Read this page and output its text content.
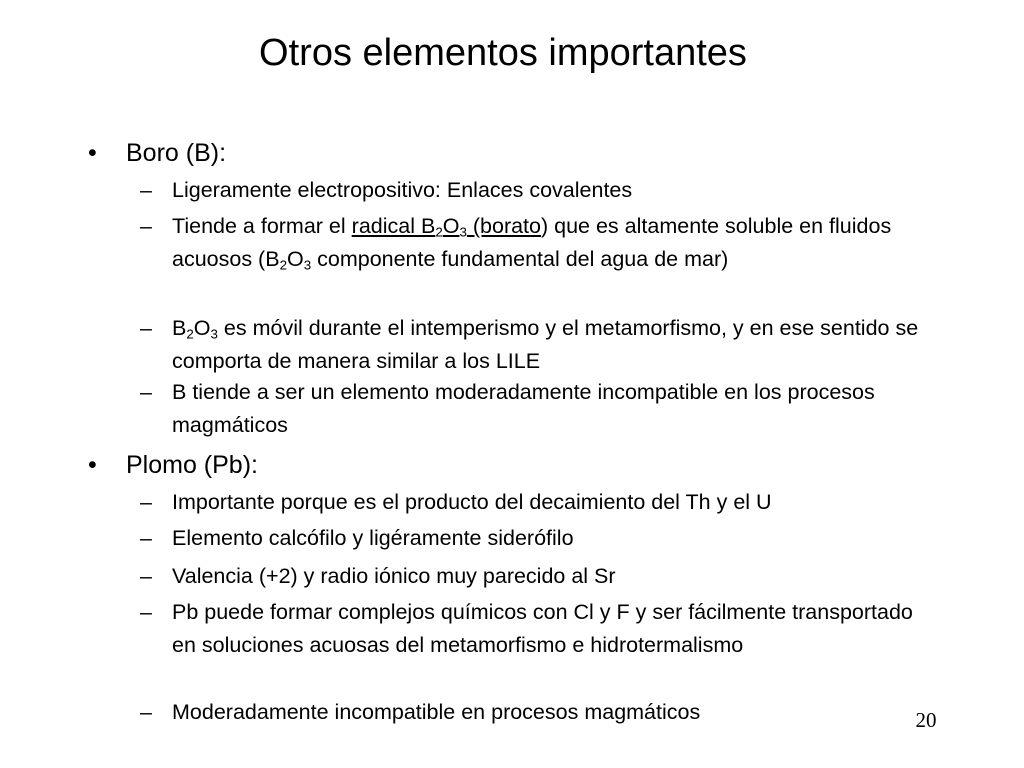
Otros elementos importantes
• Boro (B):
– Ligeramente electropositivo: Enlaces covalentes
– Tiende a formar el radical $B_2O_3$ (borato) que es altamente soluble en fluidos acuosos ($B_2O_3$ componente fundamental del agua de mar)
– $B_2O_3$ es móvil durante el intemperismo y el metamorfismo, y en ese sentido se comporta de manera similar a los LILE
– B tiende a ser un elemento moderadamente incompatible en los procesos magmáticos
• Plomo (Pb):
– Importante porque es el producto del decaimiento del Th y el U
– Elemento calcófilo y ligéramente siderófilo
– Valencia (+2) y radio iónico muy parecido al Sr
– Pb puede formar complejos químicos con Cl y F y ser fácilmente transportado en soluciones acuosas del metamorfismo e hidrotermalismo
– Moderadamente incompatible en procesos magmáticos	20
